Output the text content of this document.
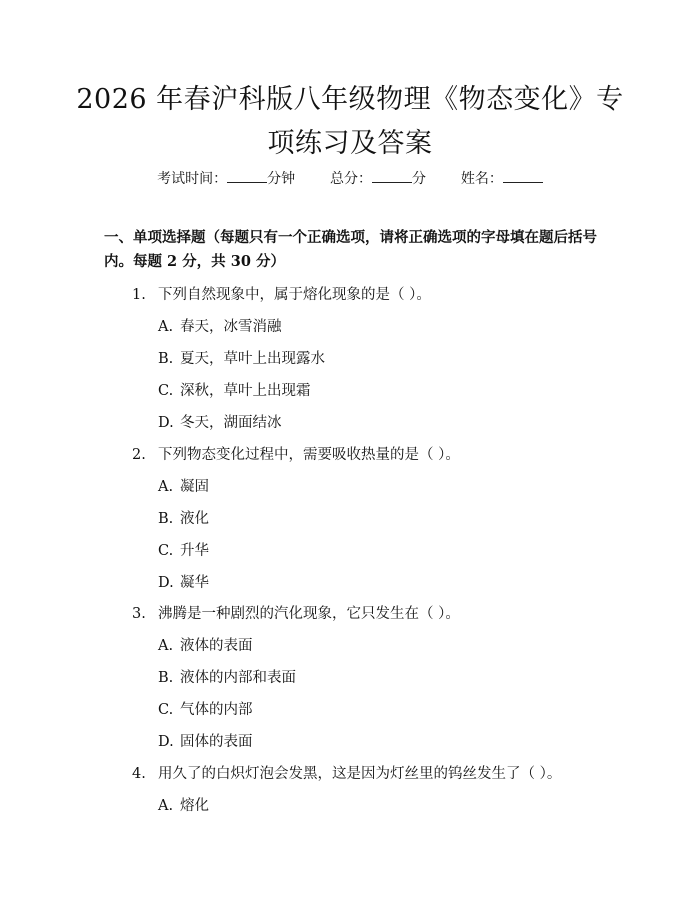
2026 年春沪科版八年级物理《物态变化》专项练习及答案
考试时间：	分钟 总分：	分 姓名：
一、单项选择题（每题只有一个正确选项，请将正确选项的字母填在题后括号内。每题 2 分，共 30 分）
1. 下列自然现象中，属于熔化现象的是（ ）。
A. 春天，冰雪消融
B. 夏天，草叶上出现露水
C. 深秋，草叶上出现霜
D. 冬天，湖面结冰
2. 下列物态变化过程中，需要吸收热量的是（ ）。
A. 凝固
B. 液化
C. 升华
D. 凝华
3. 沸腾是一种剧烈的汽化现象，它只发生在（ ）。
A. 液体的表面
B. 液体的内部和表面
C. 气体的内部
D. 固体的表面
4. 用久了的白炽灯泡会发黑，这是因为灯丝里的钨丝发生了（ ）。
A. 熔化
